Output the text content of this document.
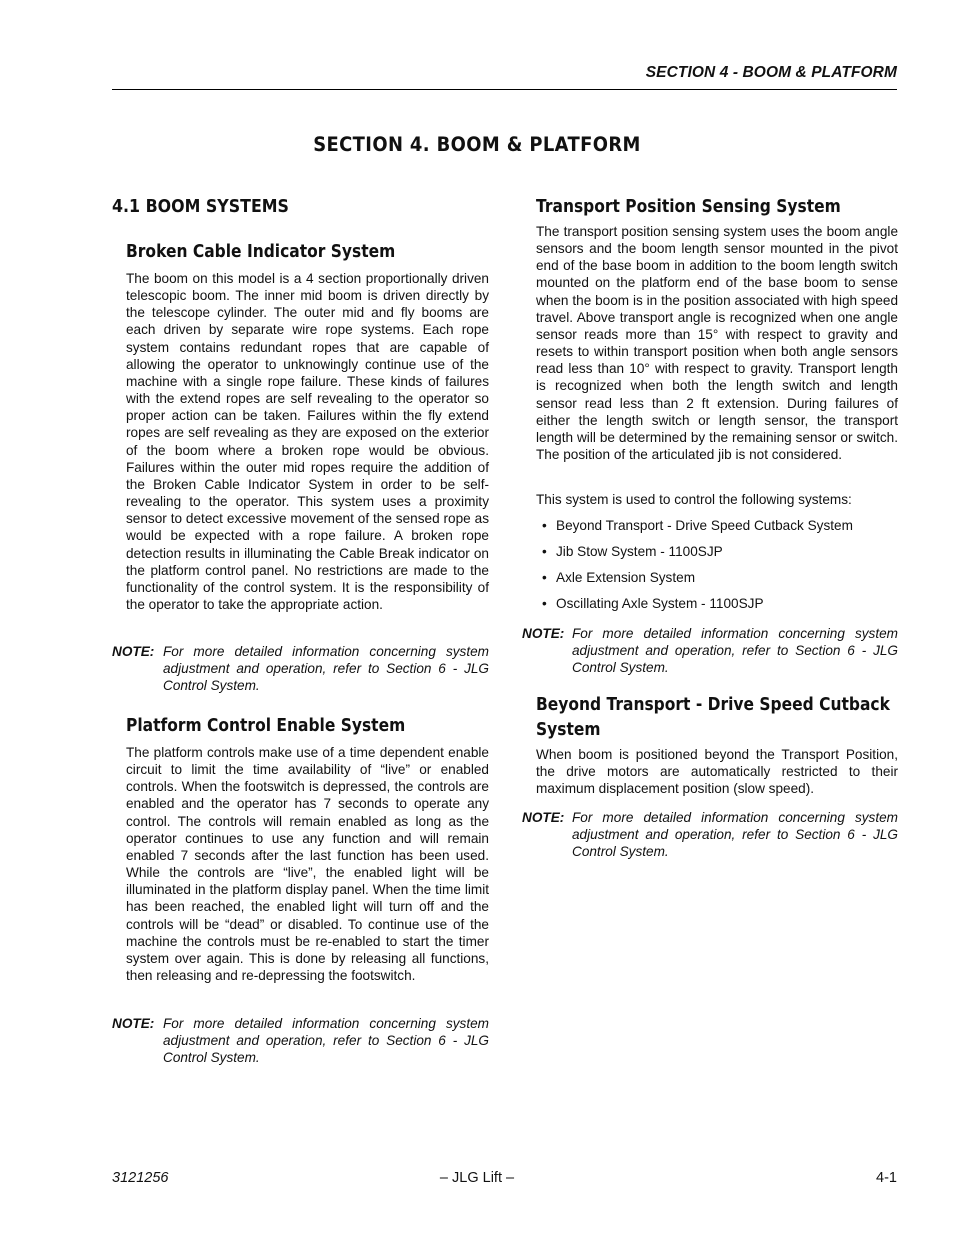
SECTION 4 - BOOM & PLATFORM
SECTION 4. BOOM & PLATFORM
4.1 BOOM SYSTEMS
Broken Cable Indicator System

The boom on this model is a 4 section proportionally driven telescopic boom. The inner mid boom is driven directly by the telescope cylinder. The outer mid and fly booms are each driven by separate wire rope systems. Each rope system contains redundant ropes that are capable of allowing the operator to unknowingly continue use of the machine with a single rope failure. These kinds of failures with the extend ropes are self revealing to the operator so proper action can be taken. Failures within the fly extend ropes are self revealing as they are exposed on the exterior of the boom where a broken rope would be obvious. Failures within the outer mid ropes require the addition of the Broken Cable Indicator System in order to be self-revealing to the operator. This system uses a proximity sensor to detect excessive movement of the sensed rope as would be expected with a rope failure. A broken rope detection results in illuminating the Cable Break indicator on the platform control panel. No restrictions are made to the functionality of the control system. It is the responsibility of the operator to take the appropriate action.

NOTE: For more detailed information concerning system adjustment and operation, refer to Section 6 - JLG Control System.
Platform Control Enable System

The platform controls make use of a time dependent enable circuit to limit the time availability of “live” or enabled controls. When the footswitch is depressed, the controls are enabled and the operator has 7 seconds to operate any control. The controls will remain enabled as long as the operator continues to use any function and will remain enabled 7 seconds after the last function has been used. While the controls are “live”, the enabled light will be illuminated in the platform display panel. When the time limit has been reached, the enabled light will turn off and the controls will be “dead” or disabled. To continue use of the machine the controls must be re-enabled to start the timer system over again. This is done by releasing all functions, then releasing and re-depressing the footswitch.

NOTE: For more detailed information concerning system adjustment and operation, refer to Section 6 - JLG Control System.
Transport Position Sensing System

The transport position sensing system uses the boom angle sensors and the boom length sensor mounted in the pivot end of the base boom in addition to the boom length switch mounted on the platform end of the base boom to sense when the boom is in the position associated with high speed travel. Above transport angle is recognized when one angle sensor reads more than 15° with respect to gravity and resets to within transport position when both angle sensors read less than 10° with respect to gravity. Transport length is recognized when both the length switch and length sensor read less than 2 ft extension. During failures of either the length switch or length sensor, the transport length will be determined by the remaining sensor or switch. The position of the articulated jib is not considered.

This system is used to control the following systems:

• Beyond Transport - Drive Speed Cutback System
• Jib Stow System - 1100SJP
• Axle Extension System
• Oscillating Axle System - 1100SJP
NOTE: For more detailed information concerning system adjustment and operation, refer to Section 6 - JLG Control System.
Beyond Transport - Drive Speed Cutback
System

When boom is positioned beyond the Transport Position, the drive motors are automatically restricted to their maximum displacement position (slow speed).

NOTE: For more detailed information concerning system adjustment and operation, refer to Section 6 - JLG Control System.
3121256	– JLG Lift –	4-1
